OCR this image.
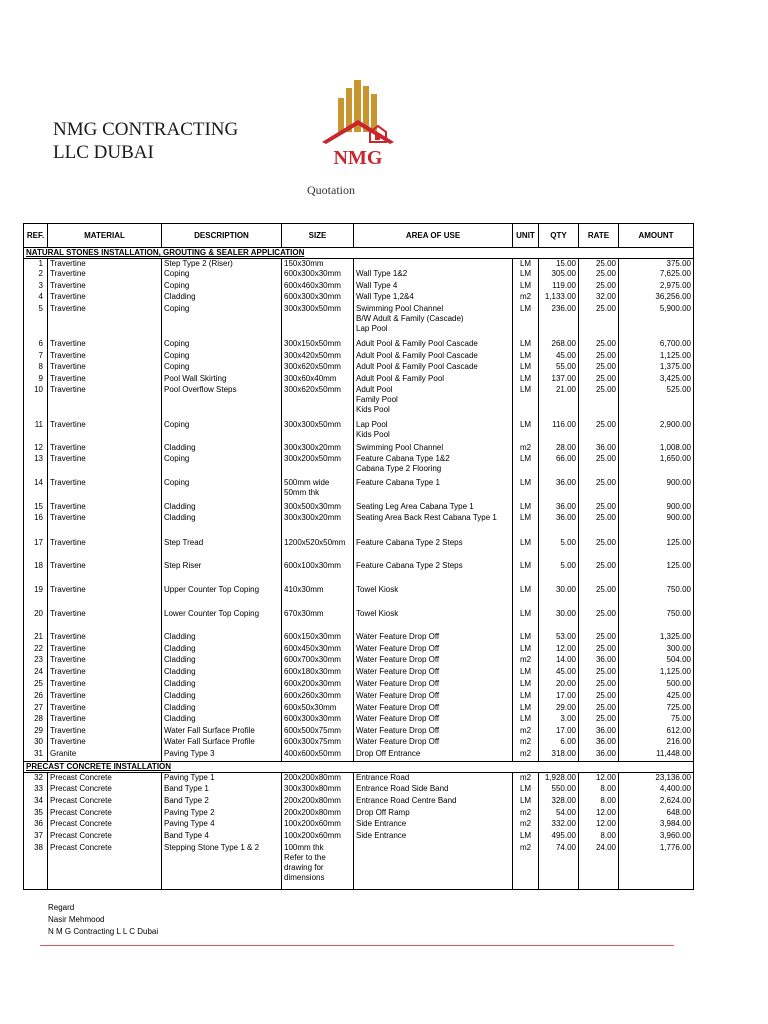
NMG CONTRACTING
LLC DUBAI	NMG
Quotation
REF.	MATERIAL	DESCRIPTION	SIZE	AREA OF USE	UNIT	QTY	RATE	AMOUNT
NATURAL STONES INSTALLATION, GROUTING & SEALER APPLICATION								
1	Travertine	Step Type 2 (Riser)	150x30mm		LM	15.00	25.00	375.00
2	Travertine	Coping	600x300x30mm	Wall Type 1&2	LM	305.00	25.00	7,625.00
3	Travertine	Coping	600x460x30mm	Wall Type 4	LM	119.00	25.00	2,975.00
4	Travertine	Cladding	600x300x30mm	Wall Type 1,2&4	m2	1,133.00	32.00	36,256.00
5	Travertine	Coping	300x300x50mm	Swimming Pool Channel
B/W Adult & Family (Cascade)
Lap Pool	LM	236.00	25.00	5,900.00
6	Travertine	Coping	300x150x50mm	Adult Pool & Family Pool Cascade	LM	268.00	25.00	6,700.00
7	Travertine	Coping	300x420x50mm	Adult Pool & Family Pool Cascade	LM	45.00	25.00	1,125.00
8	Travertine	Coping	300x620x50mm	Adult Pool & Family Pool Cascade	LM	55.00	25.00	1,375.00
9	Travertine	Pool Wall Skirting	300x60x40mm	Adult Pool & Family Pool	LM	137.00	25.00	3,425.00
10	Travertine	Pool Overflow Steps	300x620x50mm	Adult Pool
Family Pool
Kids Pool	LM	21.00	25.00	525.00
11	Travertine	Coping	300x300x50mm	Lap Pool
Kids Pool	LM	116.00	25.00	2,900.00
12	Travertine	Cladding	300x300x20mm	Swimming Pool Channel	m2	28.00	36.00	1,008.00
13	Travertine	Coping	300x200x50mm	Feature Cabana Type 1&2
Cabana Type 2 Flooring	LM	66.00	25.00	1,650.00
14	Travertine	Coping	500mm wide
50mm thk	Feature Cabana Type 1	LM	36.00	25.00	900.00
15	Travertine	Cladding	300x500x30mm	Seating Leg Area Cabana Type 1	LM	36.00	25.00	900.00
16	Travertine	Cladding	300x300x20mm	Seating Area Back Rest Cabana Type 1	LM	36.00	25.00	900.00
17	Travertine	Step Tread	1200x520x50mm	Feature Cabana Type 2 Steps	LM	5.00	25.00	125.00
18	Travertine	Step Riser	600x100x30mm	Feature Cabana Type 2 Steps	LM	5.00	25.00	125.00
19	Travertine	Upper Counter Top Coping	410x30mm	Towel Kiosk	LM	30.00	25.00	750.00
20	Travertine	Lower Counter Top Coping	670x30mm	Towel Kiosk	LM	30.00	25.00	750.00
21	Travertine	Cladding	600x150x30mm	Water Feature Drop Off	LM	53.00	25.00	1,325.00
22	Travertine	Cladding	600x450x30mm	Water Feature Drop Off	LM	12.00	25.00	300.00
23	Travertine	Cladding	600x700x30mm	Water Feature Drop Off	m2	14.00	36.00	504.00
24	Travertine	Cladding	600x180x30mm	Water Feature Drop Off	LM	45.00	25.00	1,125.00
25	Travertine	Cladding	600x200x30mm	Water Feature Drop Off	LM	20.00	25.00	500.00
26	Travertine	Cladding	600x260x30mm	Water Feature Drop Off	LM	17.00	25.00	425.00
27	Travertine	Cladding	600x50x30mm	Water Feature Drop Off	LM	29.00	25.00	725.00
28	Travertine	Cladding	600x300x30mm	Water Feature Drop Off	LM	3.00	25.00	75.00
29	Travertine	Water Fall Surface Profile	600x500x75mm	Water Feature Drop Off	m2	17.00	36.00	612.00
30	Travertine	Water Fall Surface Profile	600x300x75mm	Water Feature Drop Off	m2	6.00	36.00	216.00
31	Granite	Paving Type 3	400x600x50mm	Drop Off Entrance	m2	318.00	36.00	11,448.00
PRECAST CONCRETE INSTALLATION								
32	Precast Concrete	Paving Type 1	200x200x80mm	Entrance Road	m2	1,928.00	12.00	23,136.00
33	Precast Concrete	Band Type 1	300x300x80mm	Entrance Road Side Band	LM	550.00	8.00	4,400.00
34	Precast Concrete	Band Type 2	200x200x80mm	Entrance Road Centre Band	LM	328.00	8.00	2,624.00
35	Precast Concrete	Paving Type 2	200x200x80mm	Drop Off Ramp	m2	54.00	12.00	648.00
36	Precast Concrete	Paving Type 4	100x200x60mm	Side Entrance	m2	332.00	12.00	3,984.00
37	Precast Concrete	Band Type 4	100x200x60mm	Side Entrance	LM	495.00	8.00	3,960.00
38	Precast Concrete	Stepping Stone Type 1 & 2	100mm thk
Refer to the
drawing for
dimensions		m2	74.00	24.00	1,776.00
Regard
Nasir Mehmood
N M G Contracting L L C Dubai
